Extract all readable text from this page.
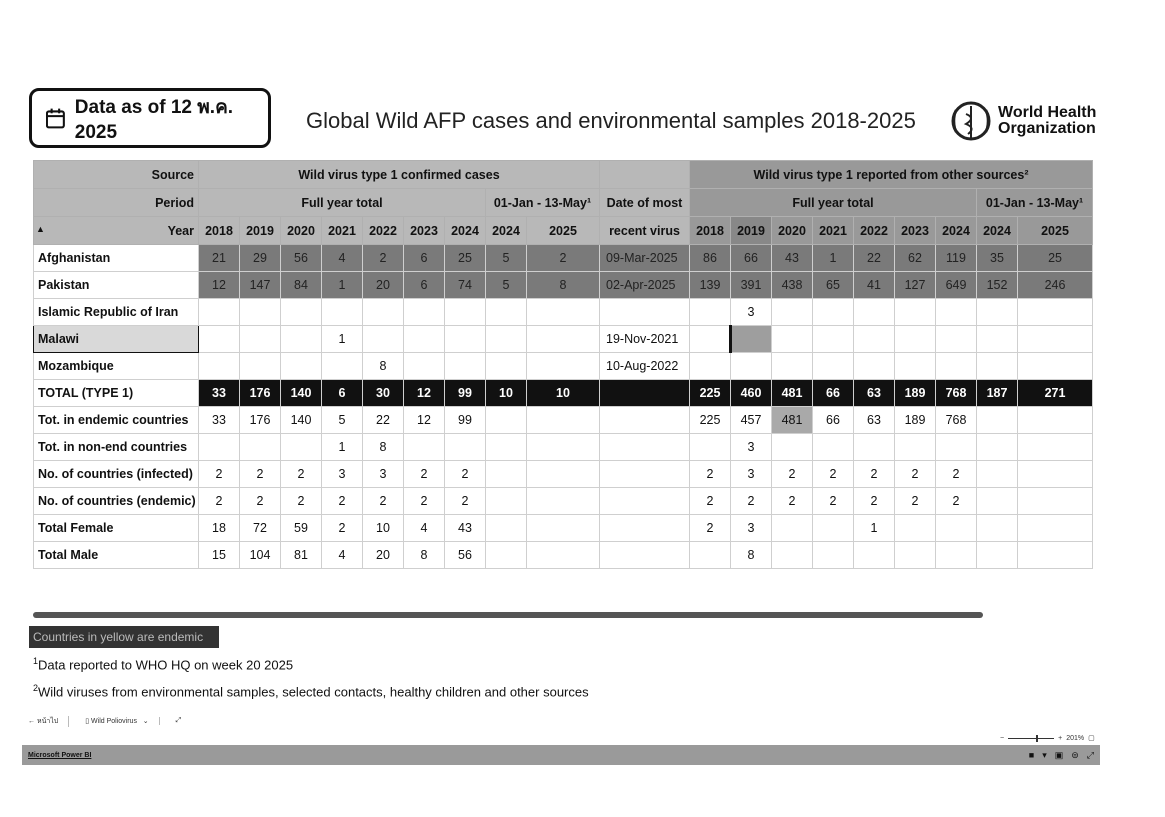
Data as of 12 พ.ค. 2025	Global Wild AFP cases and environmental samples 2018-2025	World Health
Organization
Source	Wild virus type 1 confirmed cases										Wild virus type 1 reported from other sources²								
Period	Full year total							01-Jan - 13-May¹		Date of most	Full year total							01-Jan - 13-May¹	

▲ Year	2018	2019	2020	2021	2022	2023	2024	2024	2025	recent virus	2018	2019	2020	2021	2022	2023	2024	2024	2025
Afghanistan	21	29	56	4	2	6	25	5	2	09-Mar-2025	86	66	43	1	22	62	119	35	25
Pakistan	12	147	84	1	20	6	74	5	8	02-Apr-2025	139	391	438	65	41	127	649	152	246
Islamic Republic of Iran												3							
Malawi				1						19-Nov-2021									
Mozambique					8					10-Aug-2022									
TOTAL (TYPE 1)	33	176	140	6	30	12	99	10	10		225	460	481	66	63	189	768	187	271
Tot. in endemic countries	33	176	140	5	22	12	99				225	457	481	66	63	189	768		
Tot. in non-end countries				1	8							3							
No. of countries (infected)	2	2	2	3	3	2	2				2	3	2	2	2	2	2		
No. of countries (endemic)	2	2	2	2	2	2	2				2	2	2	2	2	2	2		
Total Female	18	72	59	2	10	4	43				2	3			1				
Total Male	15	104	81	4	20	8	56					8							
Countries in yellow are endemic
$^1$Data reported to WHO HQ on week 20 2025
$^2$Wild viruses from environmental samples, selected contacts, healthy children and other sources
← หน้าไป	▯ Wild Poliovirus   ⌄	⤢
−	+ 201% ▢
Microsoft Power BI	■ ▾ ▣ ⊜ ⤢
